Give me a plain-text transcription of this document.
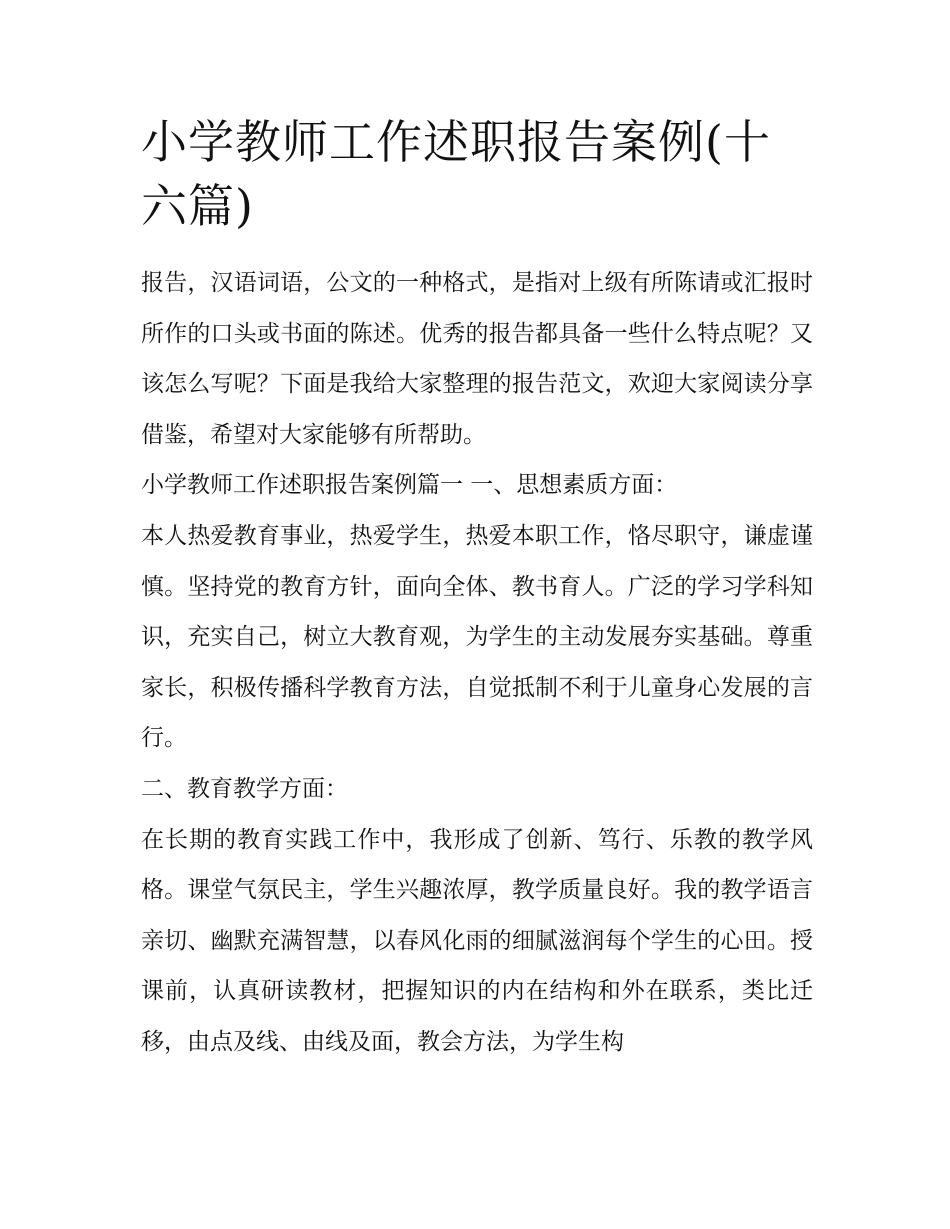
小学教师工作述职报告案例(十六篇)

报告，汉语词语，公文的一种格式，是指对上级有所陈请或汇报时所作的口头或书面的陈述。优秀的报告都具备一些什么特点呢？又该怎么写呢？下面是我给大家整理的报告范文，欢迎大家阅读分享借鉴，希望对大家能够有所帮助。

小学教师工作述职报告案例篇一 一、思想素质方面：

本人热爱教育事业，热爱学生，热爱本职工作，恪尽职守，谦虚谨慎。坚持党的教育方针，面向全体、教书育人。广泛的学习学科知识，充实自己，树立大教育观，为学生的主动发展夯实基础。尊重家长，积极传播科学教育方法，自觉抵制不利于儿童身心发展的言行。

二、教育教学方面：

在长期的教育实践工作中，我形成了创新、笃行、乐教的教学风格。课堂气氛民主，学生兴趣浓厚，教学质量良好。我的教学语言亲切、幽默充满智慧，以春风化雨的细腻滋润每个学生的心田。授课前，认真研读教材，把握知识的内在结构和外在联系，类比迁移，由点及线、由线及面，教会方法，为学生构
